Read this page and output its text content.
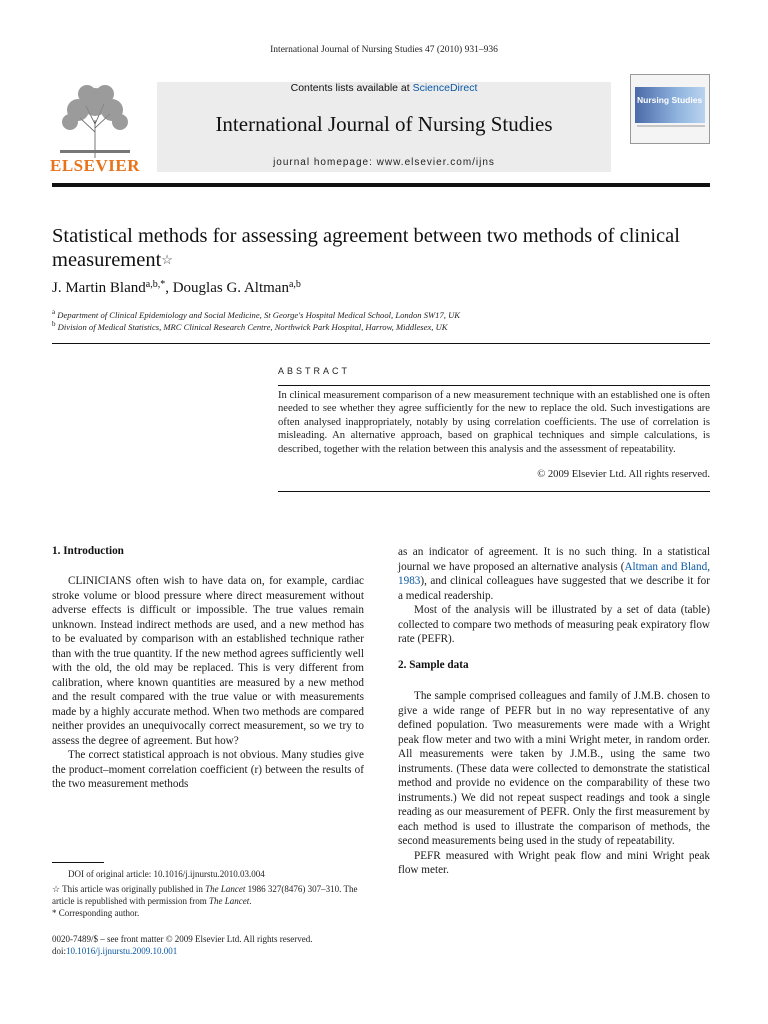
International Journal of Nursing Studies 47 (2010) 931–936
ELSEVIER
Contents lists available at ScienceDirect
International Journal of Nursing Studies
journal homepage: www.elsevier.com/ijns
Nursing Studies
Statistical methods for assessing agreement between two methods of clinical measurement☆
J. Martin Bland$^{a,b,*}$, Douglas G. Altman$^{a,b}$
$^a$ Department of Clinical Epidemiology and Social Medicine, St George's Hospital Medical School, London SW17, UK
$^b$ Division of Medical Statistics, MRC Clinical Research Centre, Northwick Park Hospital, Harrow, Middlesex, UK
ABSTRACT
In clinical measurement comparison of a new measurement technique with an established one is often needed to see whether they agree sufficiently for the new to replace the old. Such investigations are often analysed inappropriately, notably by using correlation coefficients. The use of correlation is misleading. An alternative approach, based on graphical techniques and simple calculations, is described, together with the relation between this analysis and the assessment of repeatability.
© 2009 Elsevier Ltd. All rights reserved.
1. Introduction

CLINICIANS often wish to have data on, for example, cardiac stroke volume or blood pressure where direct measurement without adverse effects is difficult or impossible. The true values remain unknown. Instead indirect methods are used, and a new method has to be evaluated by comparison with an established technique rather than with the true quantity. If the new method agrees sufficiently well with the old, the old may be replaced. This is very different from calibration, where known quantities are measured by a new method and the result compared with the true value or with measurements made by a highly accurate method. When two methods are compared neither provides an unequivocally correct measurement, so we try to assess the degree of agreement. But how?

The correct statistical approach is not obvious. Many studies give the product–moment correlation coefficient (r) between the results of the two measurement methods

as an indicator of agreement. It is no such thing. In a statistical journal we have proposed an alternative analysis (Altman and Bland, 1983), and clinical colleagues have suggested that we describe it for a medical readership.

Most of the analysis will be illustrated by a set of data (table) collected to compare two methods of measuring peak expiratory flow rate (PEFR).

2. Sample data

The sample comprised colleagues and family of J.M.B. chosen to give a wide range of PEFR but in no way representative of any defined population. Two measurements were made with a Wright peak flow meter and two with a mini Wright meter, in random order. All measurements were taken by J.M.B., using the same two instruments. (These data were collected to demonstrate the statistical method and provide no evidence on the comparability of these two instruments.) We did not repeat suspect readings and took a single reading as our measurement of PEFR. Only the first measurement by each method is used to illustrate the comparison of methods, the second measurements being used in the study of repeatability.

PEFR measured with Wright peak flow and mini Wright peak flow meter.

DOI of original article: 10.1016/j.ijnurstu.2010.03.004
☆ This article was originally published in The Lancet 1986 327(8476) 307–310. The article is republished with permission from The Lancet.
* Corresponding author.
0020-7489/$ – see front matter © 2009 Elsevier Ltd. All rights reserved.
doi:10.1016/j.ijnurstu.2009.10.001
